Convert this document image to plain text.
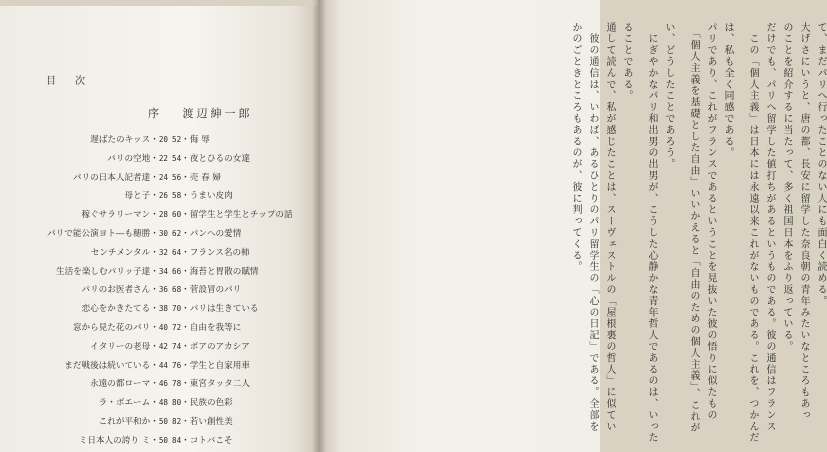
目 次
序 渡辺紳一郎
遅ばたのキッス・20
パリの空地・22
パリの日本人記者達・24
母と子・26
稼ぐサラリーマン・28
パリで能公演ヨト―も穂勝・30
センチメンタル・32
生活を楽しむパリッ子達・34
パリのお医者さん・36
恋心をかきたてる・38
窓から見た花のパリ・40
イタリーの老母・42
まだ戦後は続いている・44
永遠の都ローマ・46
ラ・ボエーム・48
これが平和か・50
ミ日本人の誇り ミ・50
52・侮 辱
54・夜とひるの女達
56・売 春 婦
58・うまい皮肉
60・留学生と学生とチップの話
62・パンへの愛情
64・フランス名の柿
66・海苔と胃散の賦情
68・菅設冒のパリ
70・パリは生きている
72・自由を我等に
74・ボアのアカシア
76・学生と自家用車
78・東宮タッタ二人
80・民族の色彩
82・若い創性美
84・コトバこそ
かのごときところもあるのが、彼に判ってくる。 　彼の通信は、いわば、あるひとりのパリ留学生の「心の日記」である。全部を 通して読んで、私が感じたことは、スーヴェストルの「屋根裏の哲人」に似てい ることである。 　にぎやかなパリ和出男の出男が、こうした心静かな青年哲人であるのは、いった い、どうしたことであろう。 　「個人主義を基礎とした自由」いいかえると「自由のための個人主義」、これが パリであり、これがフランスであるということを見抜いた彼の悟りに似たもの は、私も全く同感である。 　この「個人主義」は日本には永遠以来これがないものである。これを、つかんだ だけでも、パリへ留学した値打ちがあるというものである。彼の通信はフランス のことを紹介するに当たって、多く祖国日本をふり返っている。 大げさにいうと、唐の都、長安に留学した奈良朝の青年みたいなところもあっ て、まだパリへ行ったことのない人にも面白く読める。
